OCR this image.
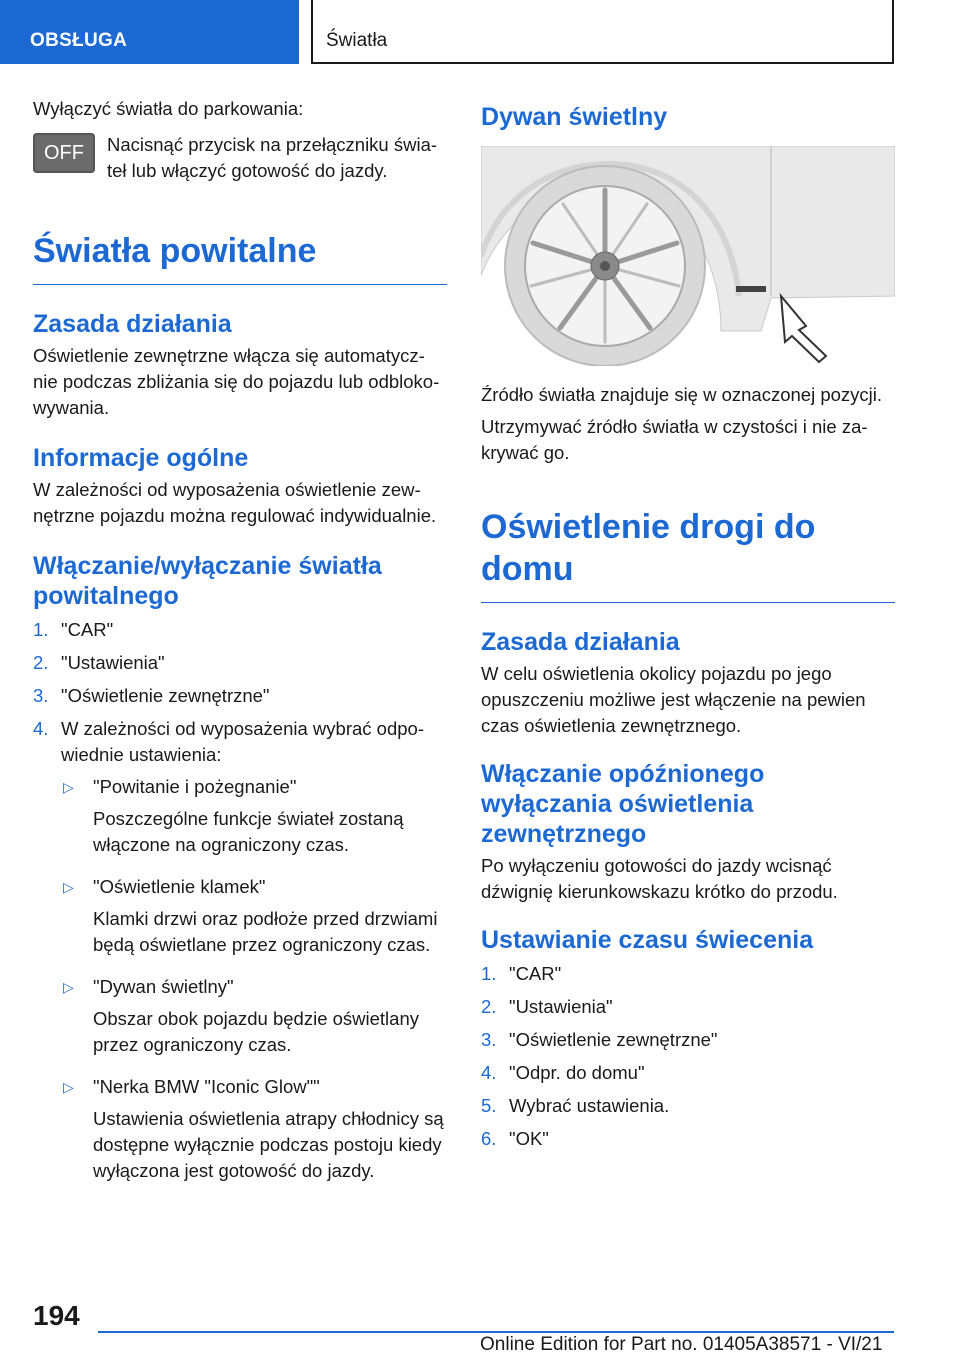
OBSŁUGA	Światła

Wyłączyć światła do parkowania:

OFF	Nacisnąć przycisk na przełączniku świa- teł lub włączyć gotowość do jazdy.

Światła powitalne
Zasada działania

Oświetlenie zewnętrzne włącza się automatycz- nie podczas zbliżania się do pojazdu lub odbloko- wywania.

Informacje ogólne

W zależności od wyposażenia oświetlenie zew- nętrzne pojazdu można regulować indywidualnie.

Włączanie/wyłączanie światła powitalnego
1. "CAR"
2. "Ustawienia"
3. "Oświetlenie zewnętrzne"
4. W zależności od wyposażenia wybrać odpo- wiednie ustawienia:
▷	"Powitanie i pożegnanie"

Poszczególne funkcje świateł zostaną włączone na ograniczony czas.

▷	"Oświetlenie klamek"

Klamki drzwi oraz podłoże przed drzwiami będą oświetlane przez ograniczony czas.

▷	"Dywan świetlny"

Obszar obok pojazdu będzie oświetlany przez ograniczony czas.

▷	"Nerka BMW "Iconic Glow""

Ustawienia oświetlenia atrapy chłodnicy są dostępne wyłącznie podczas postoju kiedy wyłączona jest gotowość do jazdy.

Dywan świetlny

Źródło światła znajduje się w oznaczonej pozycji.

Utrzymywać źródło światła w czystości i nie za- krywać go.

Oświetlenie drogi do domu
Zasada działania

W celu oświetlenia okolicy pojazdu po jego opuszczeniu możliwe jest włączenie na pewien czas oświetlenia zewnętrznego.

Włączanie opóźnionego wyłączania oświetlenia zewnętrznego

Po wyłączeniu gotowości do jazdy wcisnąć dźwignię kierunkowskazu krótko do przodu.

Ustawianie czasu świecenia
1. "CAR"
2. "Ustawienia"
3. "Oświetlenie zewnętrzne"
4. "Odpr. do domu"
5. Wybrać ustawienia.
6. "OK"
194
Online Edition for Part no. 01405A38571 - VI/21
